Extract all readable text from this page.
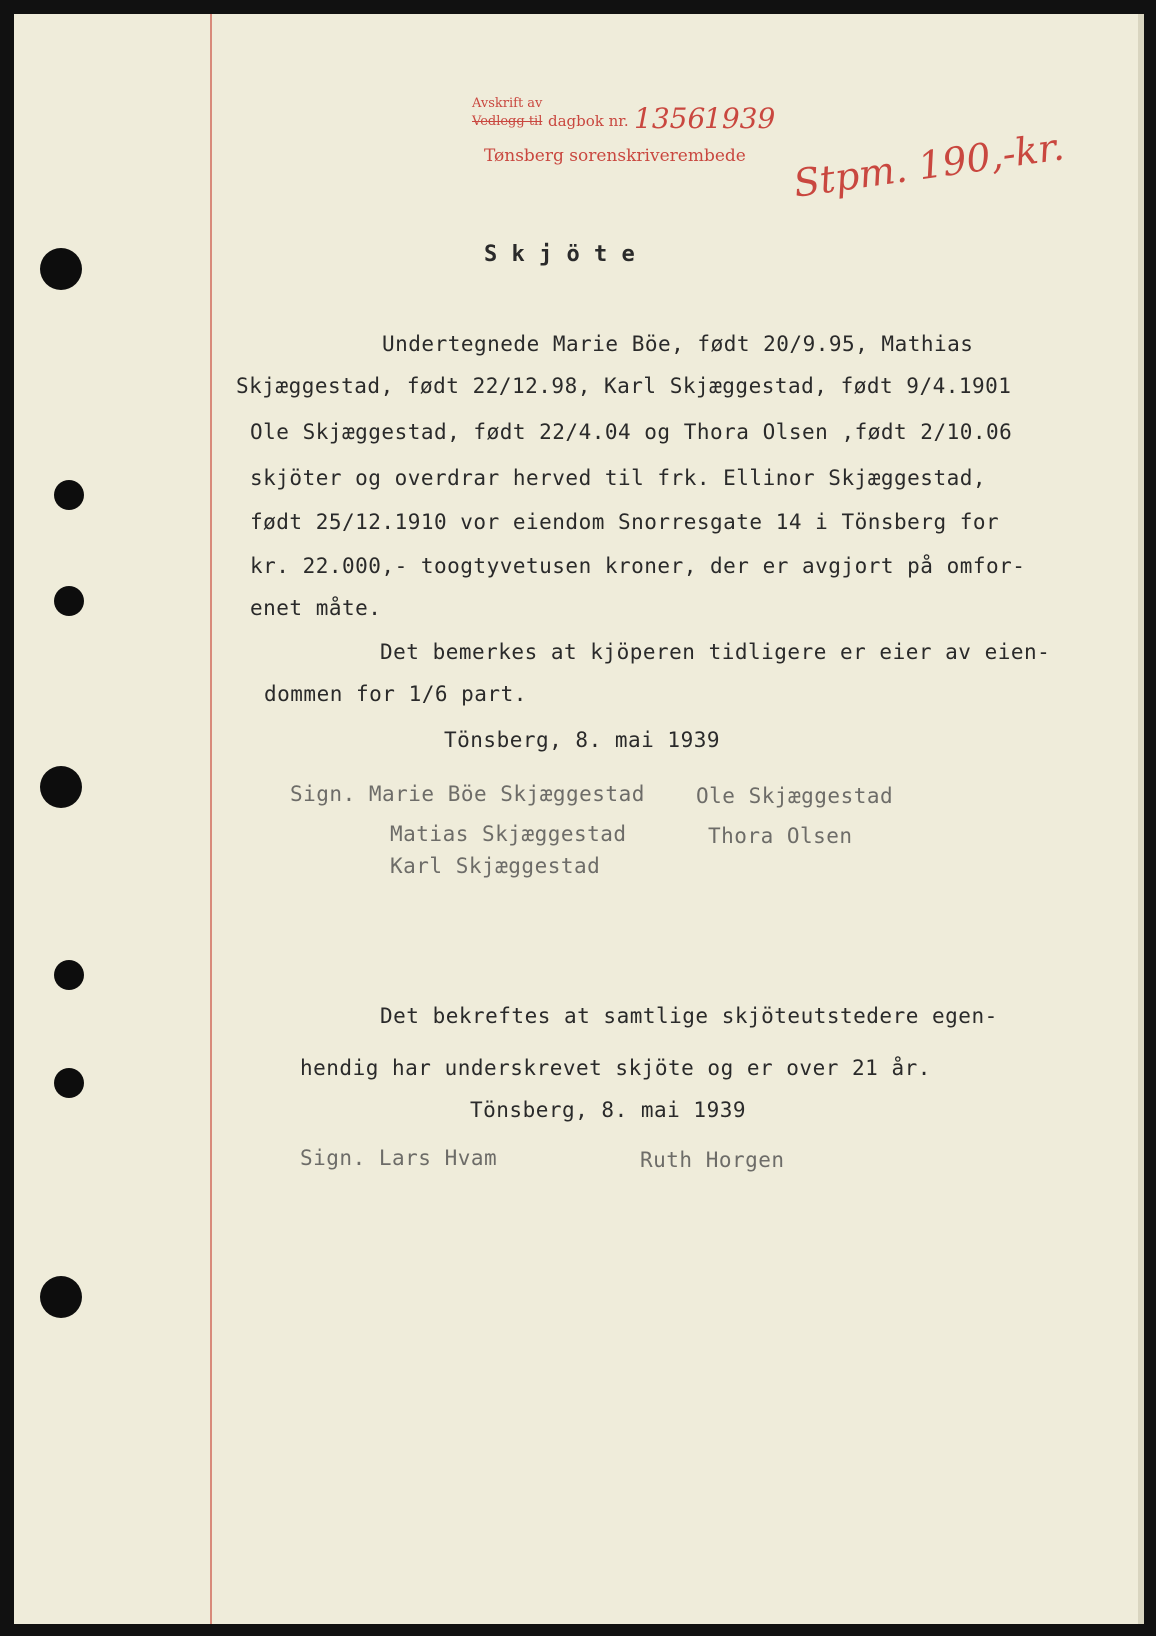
Avskrift av
Vedlegg til dagbok nr. 1356
1939
Tønsberg sorenskriverembede Stpm. 190,-kr.
S k j ö t e
Undertegnede Marie Böe, født 20/9.95, Mathias
Skjæggestad, født 22/12.98, Karl Skjæggestad, født 9/4.1901
Ole Skjæggestad, født 22/4.04 og Thora Olsen ,født 2/10.06
skjöter og overdrar herved til frk. Ellinor Skjæggestad,
født 25/12.1910 vor eiendom Snorresgate 14 i Tönsberg for
kr. 22.000,- toogtyvetusen kroner, der er avgjort på omfor-
enet måte.
Det bemerkes at kjöperen tidligere er eier av eien-
dommen for 1/6 part.
Tönsberg, 8. mai 1939
Sign. Marie Böe Skjæggestad
Matias Skjæggestad
Karl Skjæggestad
Ole Skjæggestad
Thora Olsen
Det bekreftes at samtlige skjöteutstedere egen-
hendig har underskrevet skjöte og er over 21 år.
Tönsberg, 8. mai 1939
Sign. Lars Hvam	Ruth Horgen
